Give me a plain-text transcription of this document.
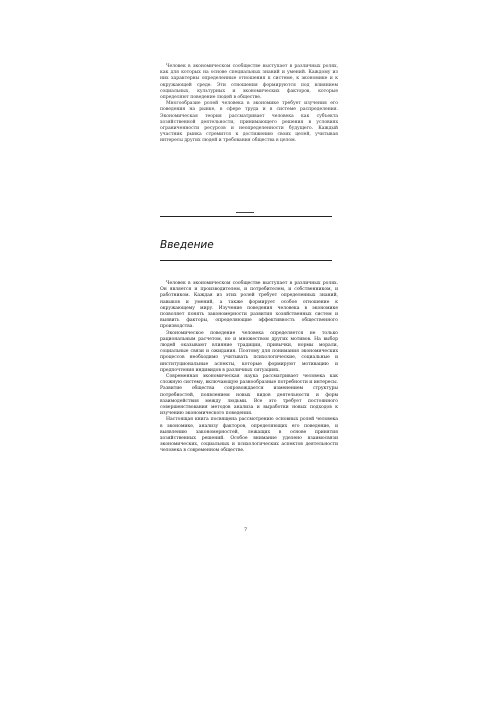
Человек в экономическом сообществе выступает в различных ролях, как для которых на основе специальных знаний и умений. Каждому из них характерны определенные отношения к системе, к экономике и к окружающей среде. Эти отношения формируются под влиянием социальных, культурных и экономических факторов, которые определяют поведение людей в обществе.

Многообразие ролей человека в экономике требует изучения его поведения на рынке, в сфере труда и в системе распределения. Экономическая теория рассматривает человека как субъекта хозяйственной деятельности, принимающего решения в условиях ограниченности ресурсов и неопределенности будущего. Каждый участник рынка стремится к достижению своих целей, учитывая интересы других людей и требования общества в целом.

Введение

Человек в экономическом сообществе выступает в различных ролях. Он является и производителем, и потребителем, и собственником, и работником. Каждая из этих ролей требует определенных знаний, навыков и умений, а также формирует особое отношение к окружающему миру. Изучение поведения человека в экономике позволяет понять закономерности развития хозяйственных систем и выявить факторы, определяющие эффективность общественного производства.

Экономическое поведение человека определяется не только рациональным расчетом, но и множеством других мотивов. На выбор людей оказывают влияние традиции, привычки, нормы морали, социальные связи и ожидания. Поэтому для понимания экономических процессов необходимо учитывать психологические, социальные и институциональные аспекты, которые формируют мотивацию и предпочтения индивидов в различных ситуациях.

Современная экономическая наука рассматривает человека как сложную систему, включающую разнообразные потребности и интересы. Развитие общества сопровождается изменением структуры потребностей, появлением новых видов деятельности и форм взаимодействия между людьми. Все это требует постоянного совершенствования методов анализа и выработки новых подходов к изучению экономического поведения.

Настоящая книга посвящена рассмотрению основных ролей человека в экономике, анализу факторов, определяющих его поведение, и выявлению закономерностей, лежащих в основе принятия хозяйственных решений. Особое внимание уделено взаимосвязи экономических, социальных и психологических аспектов деятельности человека в современном обществе.

7
